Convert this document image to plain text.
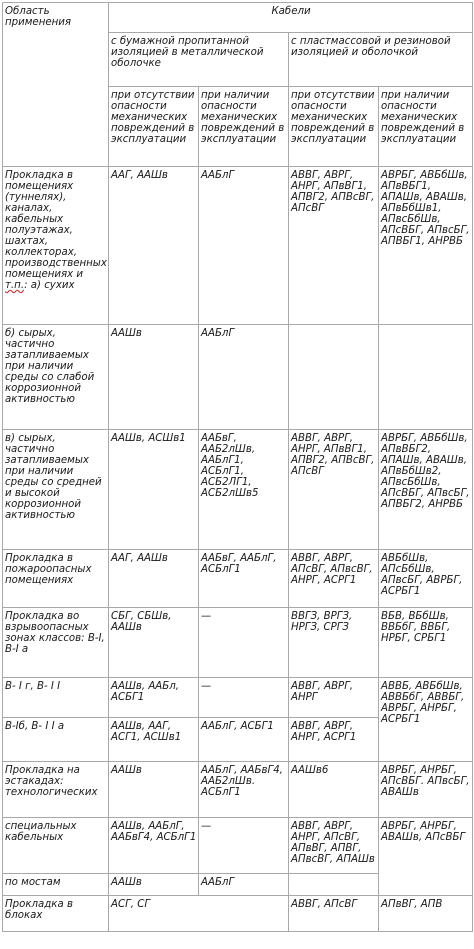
Область применения	Кабели			
	с бумажной пропитанной изоляцией в металлической оболочке		с пластмассовой и резиновой изоляцией и оболочкой	
	при отсутствии опасности механических повреждений в эксплуатации	при наличии опасности механических повреждений в эксплуатации	при отсутствии опасности механических повреждений в эксплуатации	при наличии опасности механических повреждений в эксплуатации
Прокладка в помещениях (туннелях), каналах, кабельных полуэтажах, шахтах, коллекторах, производственных помещениях и т.п.: а) сухих	ААГ, ААШв	ААБлГ	АВВГ, АВРГ, АНРГ, АПвВГ1, АПВГ2, АПВсВГ, АПсВГ	АВРБГ, АВБбШв, АПвВБГ1, АПАШв, АВАШв, АПвБбШв1, АПвсБбШв, АПсВБГ, АПвсБГ, АПВБГ1, АНРВБ
б) сырых, частично затапливаемых при наличии среды со слабой коррозионной активностью	ААШв	ААБлГ		
в) сырых, частично затапливаемых при наличии среды со средней и высокой коррозионной активностью	ААШв, АСШв1	ААБвГ, ААБ2лШв, ААБлГ1, АСБлГ1, АСБ2ЛГ1, АСБ2лШв5	АВВГ, АВРГ, АНРГ, АПвВГ1, АПВГ2, АПВсВГ, АПсВГ	АВРБГ, АВБбШв, АПвВБГ2, АПАШв, АВАШв, АПвБбШв2, АПвсБбШв, АПсВБГ, АПвсБГ, АПВБГ2, АНРВБ
Прокладка в пожароопасных помещениях	ААГ, ААШв	ААБвГ, ААБлГ, АСБлГ1	АВВГ, АВРГ, АПсВГ, АПвсВГ, АНРГ, АСРГ1	АВБбШв, АПсБбШв, АПвсБГ, АВРБГ, АСРБГ1
Прокладка во взрывоопасных зонах классов: В-I, В-I а	СБГ, СБШв, ААШв	—	ВВГЗ, ВРГЗ, НРГЗ, СРГЗ	ВБВ, ВБбШв, ВВБбГ, ВВБГ, НРБГ, СРБГ1
В- I г, В- I I	ААШв, ААБл, АСБГ1	—	АВВГ, АВРГ, АНРГ	АВВБ, АВБбШв, АВВБбГ, АВВБГ, АВРБГ, АНРБГ, АСРБГ1
В-Iб, В- I I а	ААШв, ААГ, АСГ1, АСШв1	ААБлГ, АСБГ1	АВВГ, АВРГ, АНРГ, АСРГ1	
Прокладка на эстакадах: технологических	ААШв	ААБлГ, ААБвГ4, ААБ2лШв. АСБлГ1	ААШв6	АВРБГ, АНРБГ, АПсВБГ. АПвсБГ, АВАШв
специальных кабельных	ААШв, ААБлГ, ААБвГ4, АСБлГ1	—	АВВГ, АВРГ, АНРГ, АПсВГ, АПвВГ, АПВГ, АПвсВГ, АПАШв	АВРБГ, АНРБГ, АВАШв, АПсВБГ
по мостам	ААШв	ААБлГ		
Прокладка в блоках	АСГ, СГ		АВВГ, АПсВГ	АПвВГ, АПВ
